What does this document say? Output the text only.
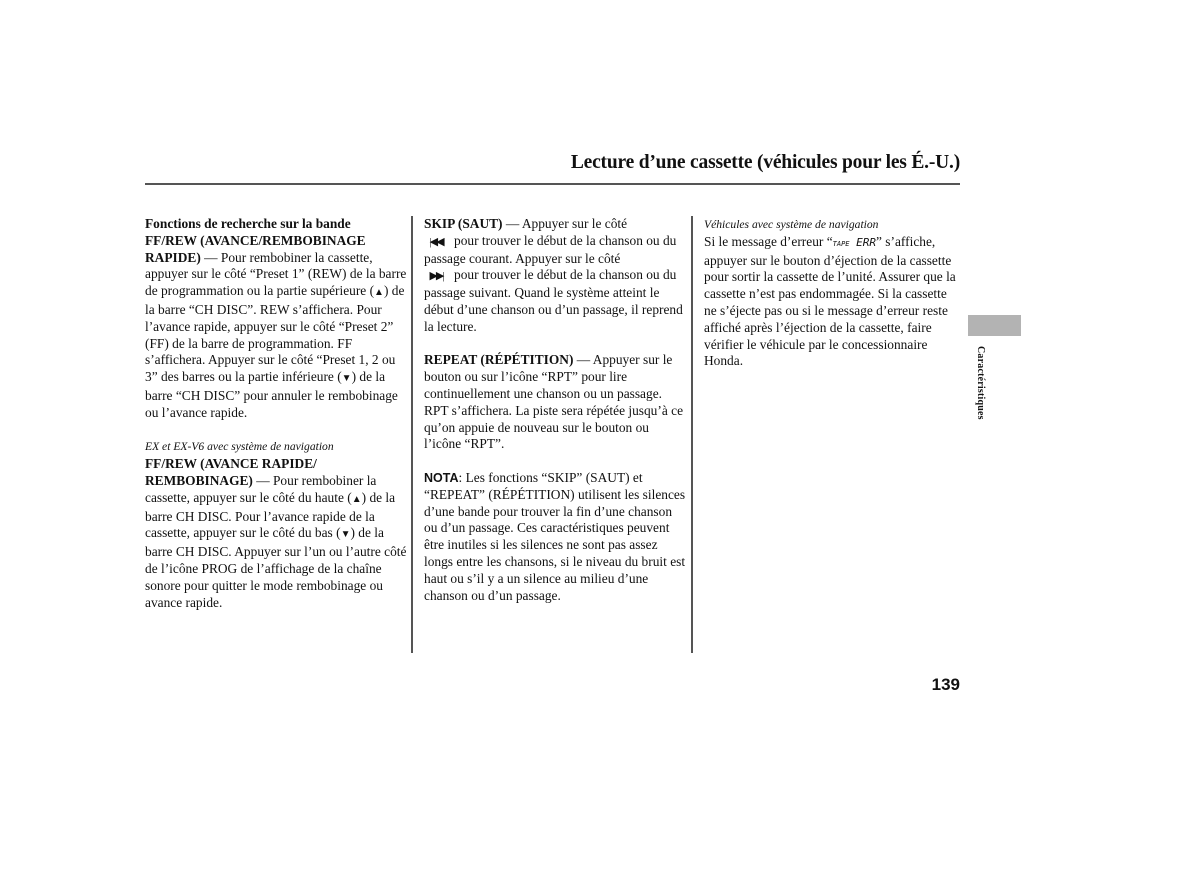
Lecture d’une cassette (véhicules pour les É.-U.)

Fonctions de recherche sur la bande
FF/REW (AVANCE/REMBOBINAGE
RAPIDE) — Pour rembobiner la cassette, appuyer sur le côté “Preset 1” (REW) de la barre de programmation ou la partie supérieure (▲) de la barre “CH DISC”. REW s’affichera. Pour l’avance rapide, appuyer sur le côté “Preset 2” (FF) de la barre de programmation. FF s’affichera. Appuyer sur le côté “Preset 1, 2 ou 3” des barres ou la partie inférieure (▼) de la barre “CH DISC” pour annuler le rembobinage ou l’avance rapide.

EX et EX-V6 avec système de navigation
FF/REW (AVANCE RAPIDE/
REMBOBINAGE) — Pour rembobiner la cassette, appuyer sur le côté du haute (▲) de la barre CH DISC. Pour l’avance rapide de la cassette, appuyer sur le côté du bas (▼) de la barre CH DISC. Appuyer sur l’un ou l’autre côté de l’icône PROG de l’affichage de la chaîne sonore pour quitter le mode rembobinage ou avance rapide.

SKIP (SAUT) — Appuyer sur le côté
|◀◀ pour trouver le début de la chanson ou du passage courant. Appuyer sur le côté
▶▶| pour trouver le début de la chanson ou du passage suivant. Quand le système atteint le début d’une chanson ou d’un passage, il reprend la lecture.

REPEAT (RÉPÉTITION) — Appuyer sur le bouton ou sur l’icône “RPT” pour lire continuellement une chanson ou un passage. RPT s’affichera. La piste sera répétée jusqu’à ce qu’on appuie de nouveau sur le bouton ou l’icône “RPT”.

NOTA: Les fonctions “SKIP” (SAUT) et “REPEAT” (RÉPÉTITION) utilisent les silences d’une bande pour trouver la fin d’une chanson ou d’un passage. Ces caractéristiques peuvent être inutiles si les silences ne sont pas assez longs entre les chansons, si le niveau du bruit est haut ou s’il y a un silence au milieu d’une chanson ou d’un passage.

Véhicules avec système de navigation
Si le message d’erreur “TAPE ERR” s’affiche, appuyer sur le bouton d’éjection de la cassette pour sortir la cassette de l’unité. Assurer que la cassette n’est pas endommagée. Si la cassette ne s’éjecte pas ou si le message d’erreur reste affiché après l’éjection de la cassette, faire vérifier le véhicule par le concessionnaire Honda.	Caractéristiques
139
